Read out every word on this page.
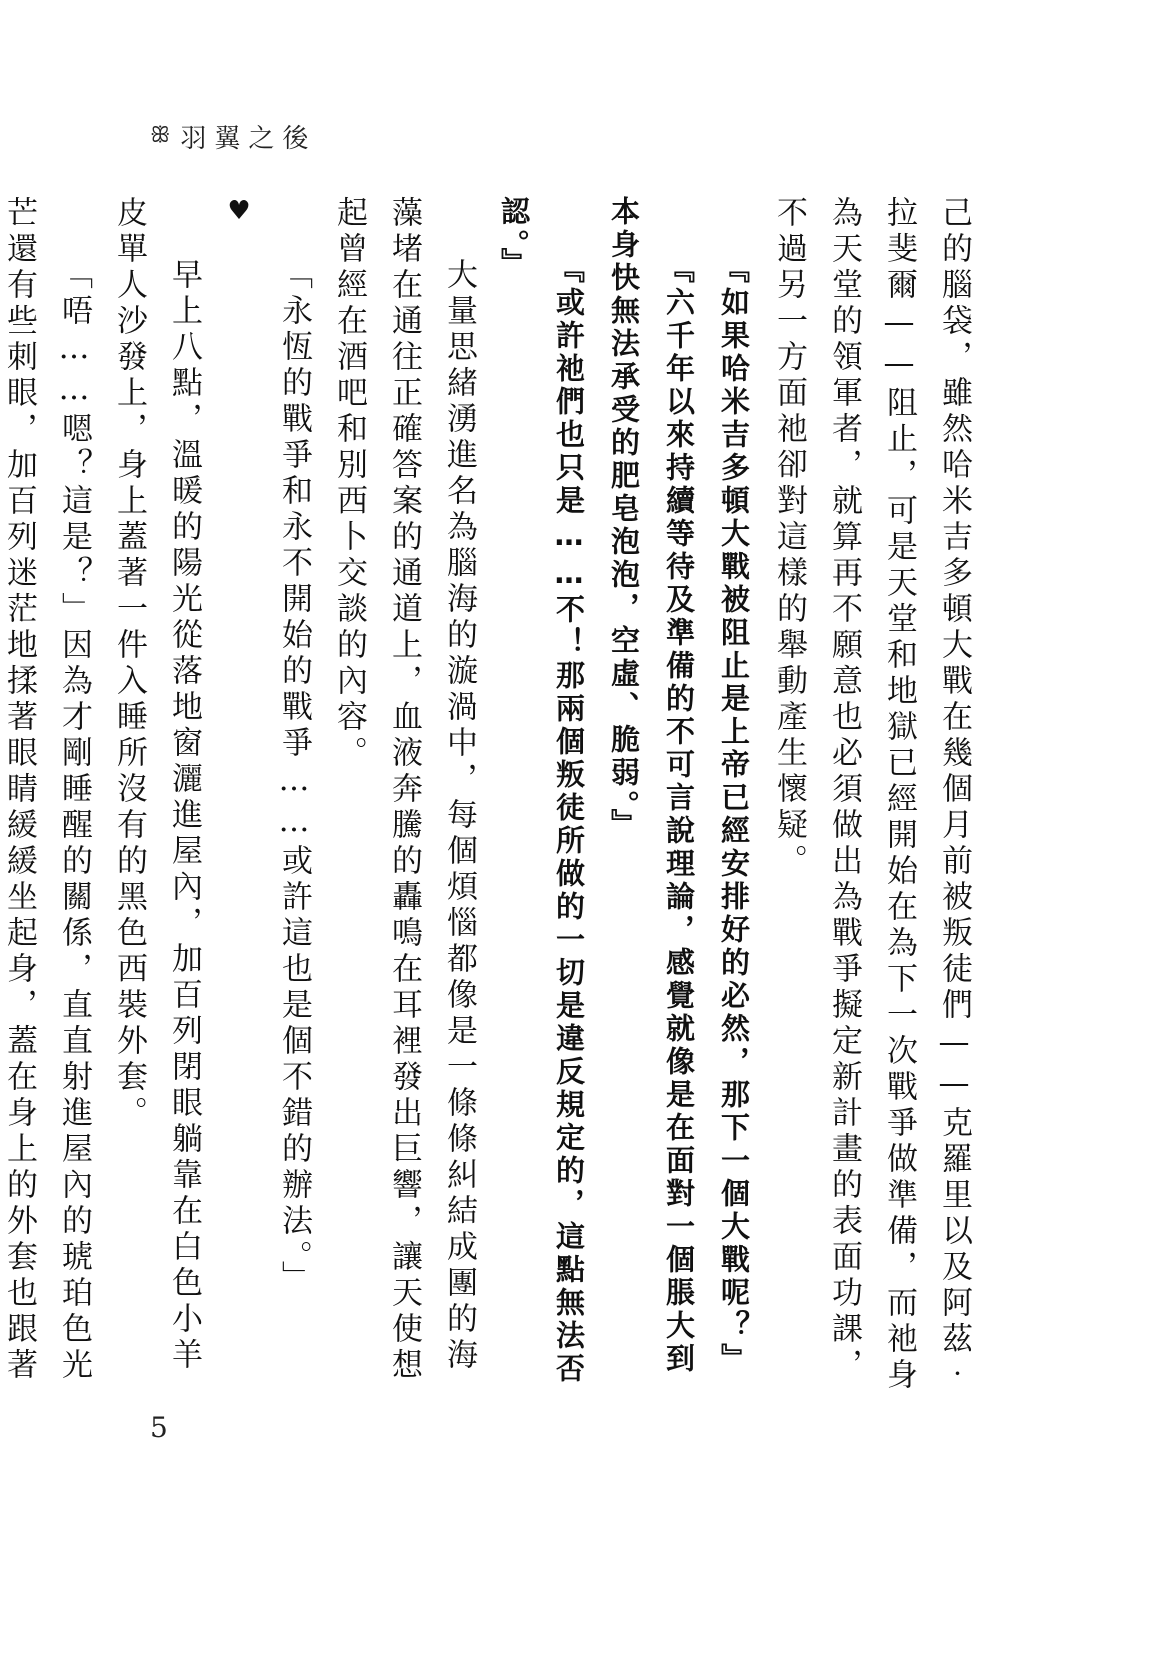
ꕥ 羽翼之後

己的腦袋，雖然哈米吉多頓大戰在幾個月前被叛徒們——克羅里以及阿茲‧拉斐爾——阻止，可是天堂和地獄已經開始在為下一次戰爭做準備，而祂身為天堂的領軍者，就算再不願意也必須做出為戰爭擬定新計畫的表面功課，不過另一方面祂卻對這樣的舉動產生懷疑。

『如果哈米吉多頓大戰被阻止是上帝已經安排好的必然，那下一個大戰呢？』

『六千年以來持續等待及準備的不可言說理論，感覺就像是在面對一個脹大到本身快無法承受的肥皂泡泡，空虛、脆弱。』

『或許祂們也只是……不！那兩個叛徒所做的一切是違反規定的，這點無法否認。』

大量思緒湧進名為腦海的漩渦中，每個煩惱都像是一條條糾結成團的海藻堵在通往正確答案的通道上，血液奔騰的轟鳴在耳裡發出巨響，讓天使想起曾經在酒吧和別西卜交談的內容。

「永恆的戰爭和永不開始的戰爭……或許這也是個不錯的辦法。」

♥

早上八點，溫暖的陽光從落地窗灑進屋內，加百列閉眼躺靠在白色小羊皮單人沙發上，身上蓋著一件入睡所沒有的黑色西裝外套。

「唔……嗯？這是？」因為才剛睡醒的關係，直直射進屋內的琥珀色光芒還有些刺眼，加百列迷茫地揉著眼睛緩緩坐起身，蓋在身上的外套也跟著

5
